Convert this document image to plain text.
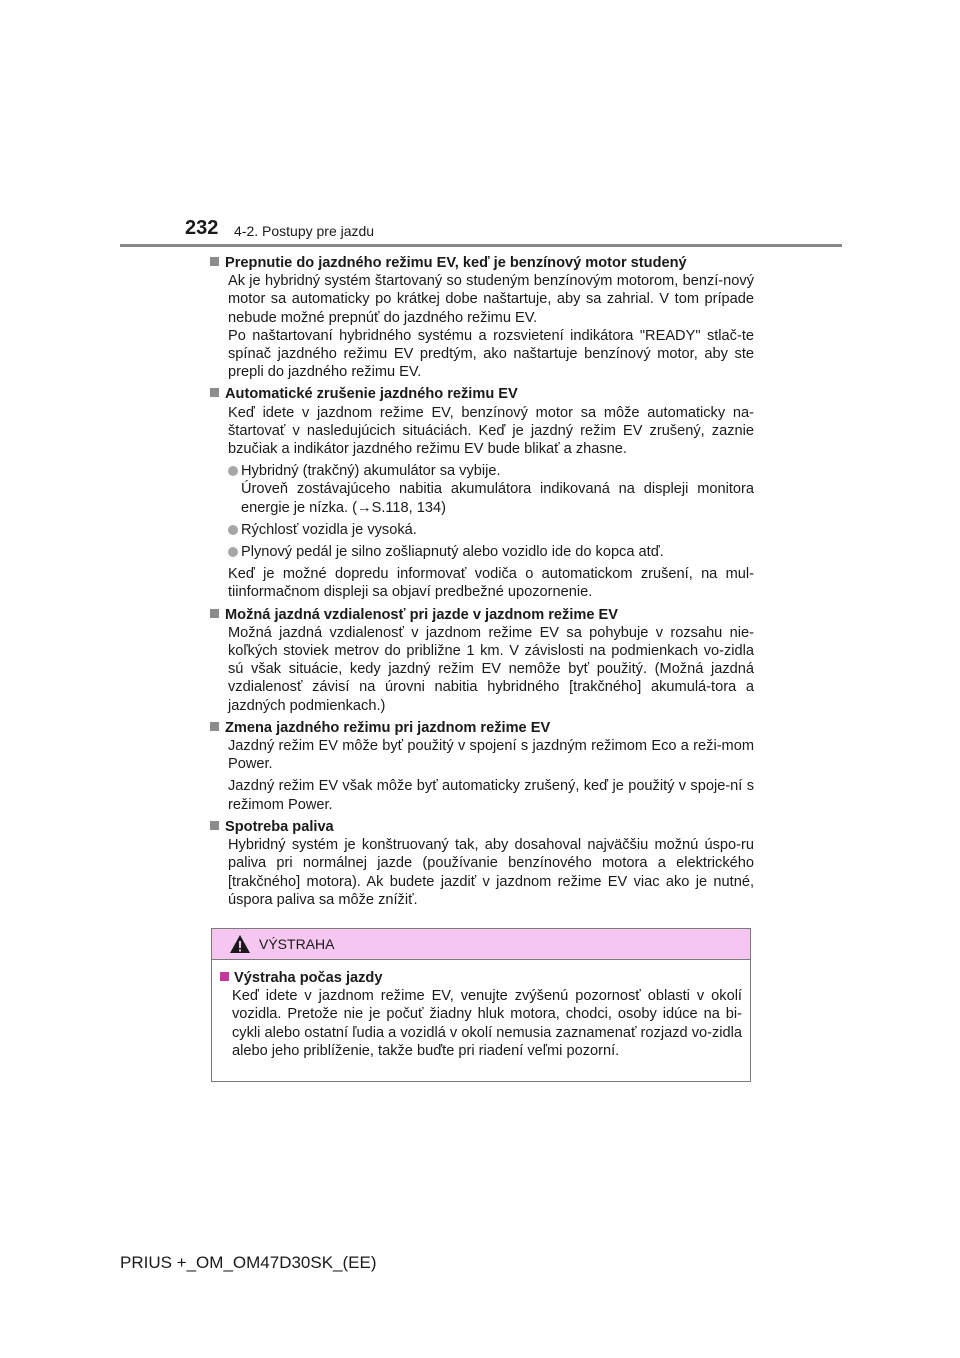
232 4-2. Postupy pre jazdu
Prepnutie do jazdného režimu EV, keď je benzínový motor studený
Ak je hybridný systém štartovaný so studeným benzínovým motorom, benzí-nový motor sa automaticky po krátkej dobe naštartuje, aby sa zahrial. V tom prípade nebude možné prepnúť do jazdného režimu EV.
Po naštartovaní hybridného systému a rozsvietení indikátora "READY" stlač-te spínač jazdného režimu EV predtým, ako naštartuje benzínový motor, aby ste prepli do jazdného režimu EV.
Automatické zrušenie jazdného režimu EV
Keď idete v jazdnom režime EV, benzínový motor sa môže automaticky na-štartovať v nasledujúcich situáciách. Keď je jazdný režim EV zrušený, zaznie bzučiak a indikátor jazdného režimu EV bude blikať a zhasne.
Hybridný (trakčný) akumulátor sa vybije.
Úroveň zostávajúceho nabitia akumulátora indikovaná na displeji monitora energie je nízka. (→S.118, 134)
Rýchlosť vozidla je vysoká.
Plynový pedál je silno zošliapnutý alebo vozidlo ide do kopca atď.
Keď je možné dopredu informovať vodiča o automatickom zrušení, na mul-tiinformačnom displeji sa objaví predbežné upozornenie.
Možná jazdná vzdialenosť pri jazde v jazdnom režime EV
Možná jazdná vzdialenosť v jazdnom režime EV sa pohybuje v rozsahu nie-koľkých stoviek metrov do približne 1 km. V závislosti na podmienkach vo-zidla sú však situácie, kedy jazdný režim EV nemôže byť použitý. (Možná jazdná vzdialenosť závisí na úrovni nabitia hybridného [trakčného] akumulá-tora a jazdných podmienkach.)
Zmena jazdného režimu pri jazdnom režime EV
Jazdný režim EV môže byť použitý v spojení s jazdným režimom Eco a reži-mom Power.
Jazdný režim EV však môže byť automaticky zrušený, keď je použitý v spoje-ní s režimom Power.
Spotreba paliva
Hybridný systém je konštruovaný tak, aby dosahoval najväčšiu možnú úspo-ru paliva pri normálnej jazde (používanie benzínového motora a elektrického [trakčného] motora). Ak budete jazdiť v jazdnom režime EV viac ako je nutné, úspora paliva sa môže znížiť.
VÝSTRAHA
Výstraha počas jazdy
Keď idete v jazdnom režime EV, venujte zvýšenú pozornosť oblasti v okolí vozidla. Pretože nie je počuť žiadny hluk motora, chodci, osoby idúce na bi-cykli alebo ostatní ľudia a vozidlá v okolí nemusia zaznamenať rozjazd vo-zidla alebo jeho priblíženie, takže buďte pri riadení veľmi pozorní.
PRIUS +_OM_OM47D30SK_(EE)
